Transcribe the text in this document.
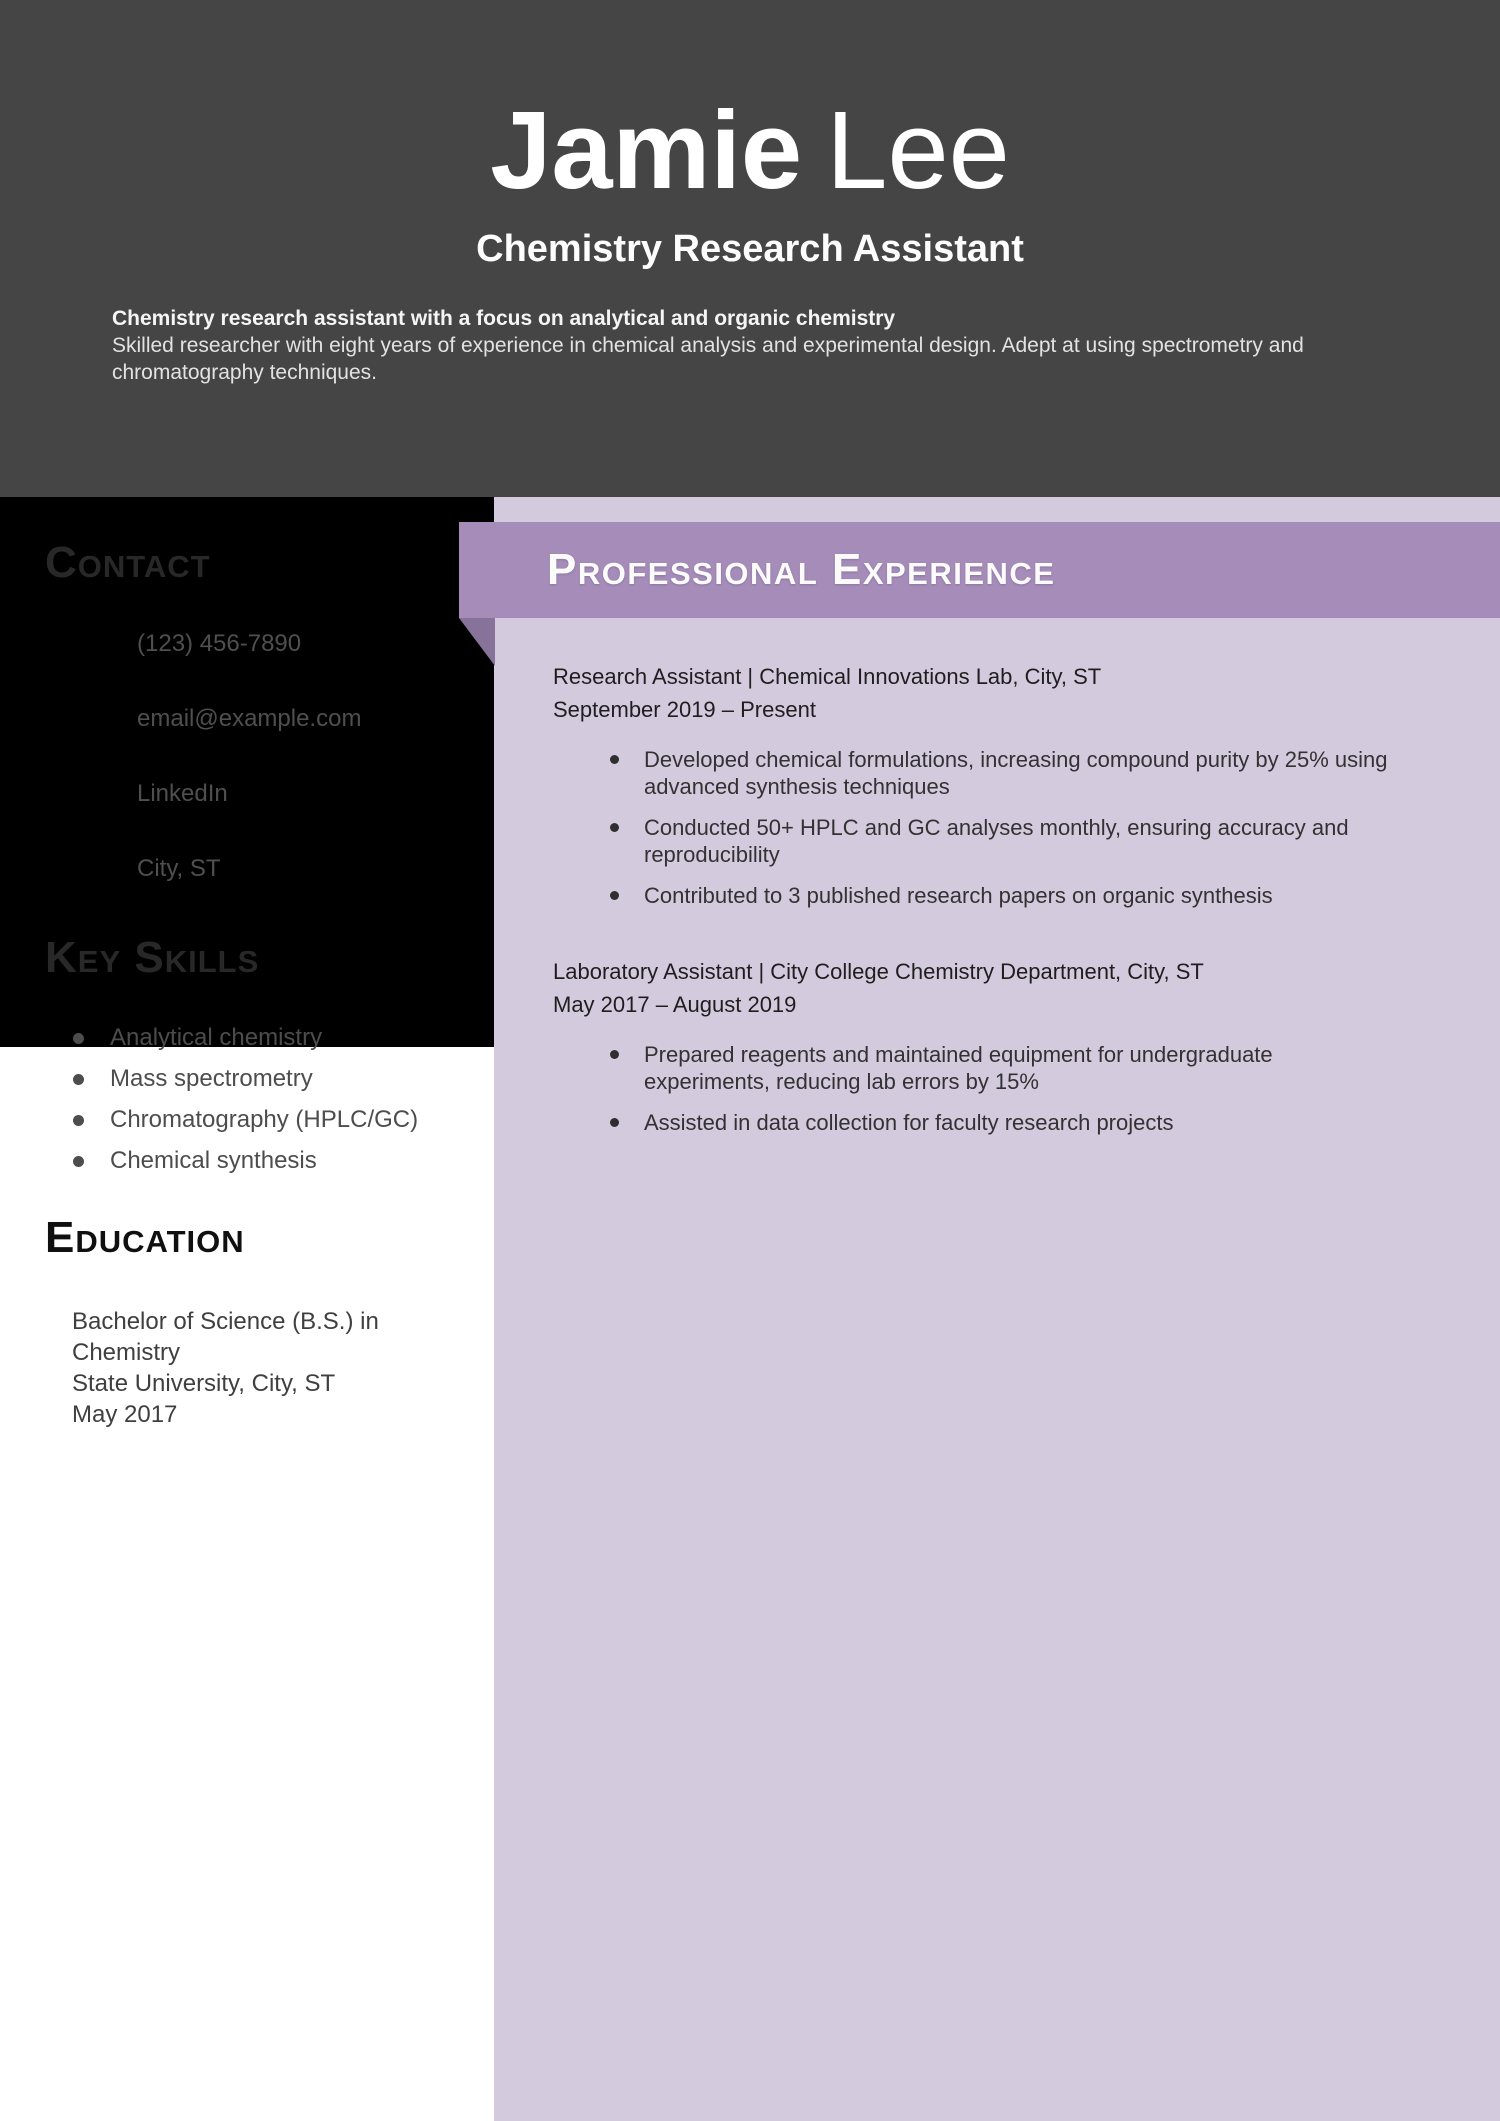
Jamie Lee
Chemistry Research Assistant

Chemistry research assistant with a focus on analytical and organic chemistry
Skilled researcher with eight years of experience in chemical analysis and experimental design. Adept at using spectrometry and chromatography techniques.

Contact
(123) 456-7890
email@example.com
LinkedIn
City, ST
Key Skills
Analytical chemistry
Mass spectrometry
Chromatography (HPLC/GC)
Chemical synthesis
Education

Bachelor of Science (B.S.) in Chemistry

State University, City, ST

May 2017

Professional Experience
Research Assistant | Chemical Innovations Lab, City, ST

September 2019 – Present

Developed chemical formulations, increasing compound purity by 25% using advanced synthesis techniques
Conducted 50+ HPLC and GC analyses monthly, ensuring accuracy and reproducibility
Contributed to 3 published research papers on organic synthesis
Laboratory Assistant | City College Chemistry Department, City, ST

May 2017 – August 2019

Prepared reagents and maintained equipment for undergraduate experiments, reducing lab errors by 15%
Assisted in data collection for faculty research projects
